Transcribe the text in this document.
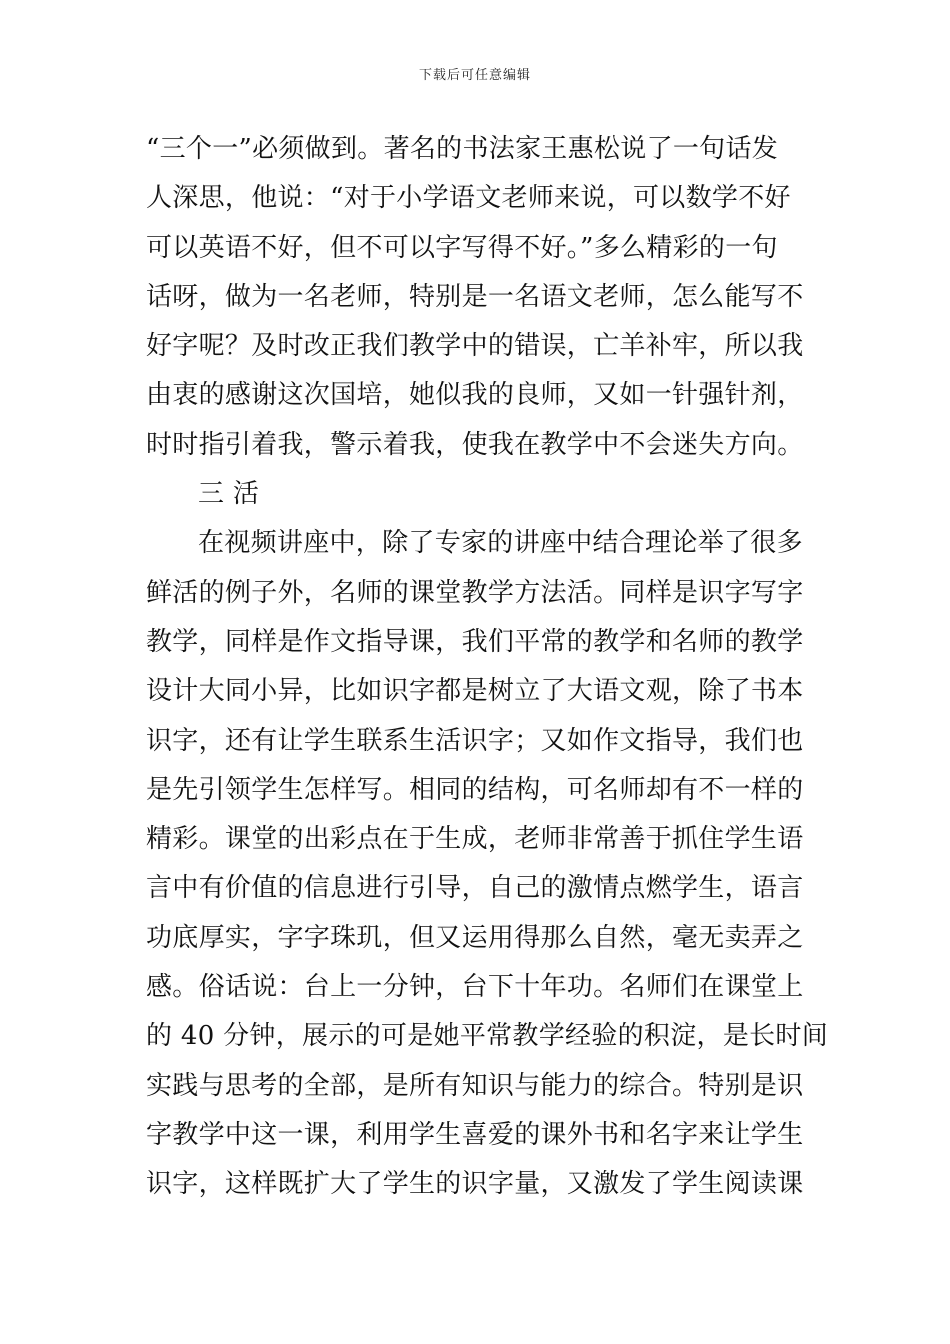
下载后可任意编辑
“三个一”必须做到。著名的书法家王惠松说了一句话发
人深思，他说：“对于小学语文老师来说，可以数学不好
可以英语不好，但不可以字写得不好。”多么精彩的一句
话呀，做为一名老师，特别是一名语文老师，怎么能写不
好字呢？及时改正我们教学中的错误，亡羊补牢，所以我
由衷的感谢这次国培，她似我的良师，又如一针强针剂，
时时指引着我，警示着我，使我在教学中不会迷失方向。
三 活
在视频讲座中，除了专家的讲座中结合理论举了很多
鲜活的例子外，名师的课堂教学方法活。同样是识字写字
教学，同样是作文指导课，我们平常的教学和名师的教学
设计大同小异，比如识字都是树立了大语文观，除了书本
识字，还有让学生联系生活识字；又如作文指导，我们也
是先引领学生怎样写。相同的结构，可名师却有不一样的
精彩。课堂的出彩点在于生成，老师非常善于抓住学生语
言中有价值的信息进行引导，自己的激情点燃学生，语言
功底厚实，字字珠玑，但又运用得那么自然，毫无卖弄之
感。俗话说：台上一分钟，台下十年功。名师们在课堂上
的 40 分钟，展示的可是她平常教学经验的积淀，是长时间
实践与思考的全部，是所有知识与能力的综合。特别是识
字教学中这一课，利用学生喜爱的课外书和名字来让学生
识字，这样既扩大了学生的识字量，又激发了学生阅读课
